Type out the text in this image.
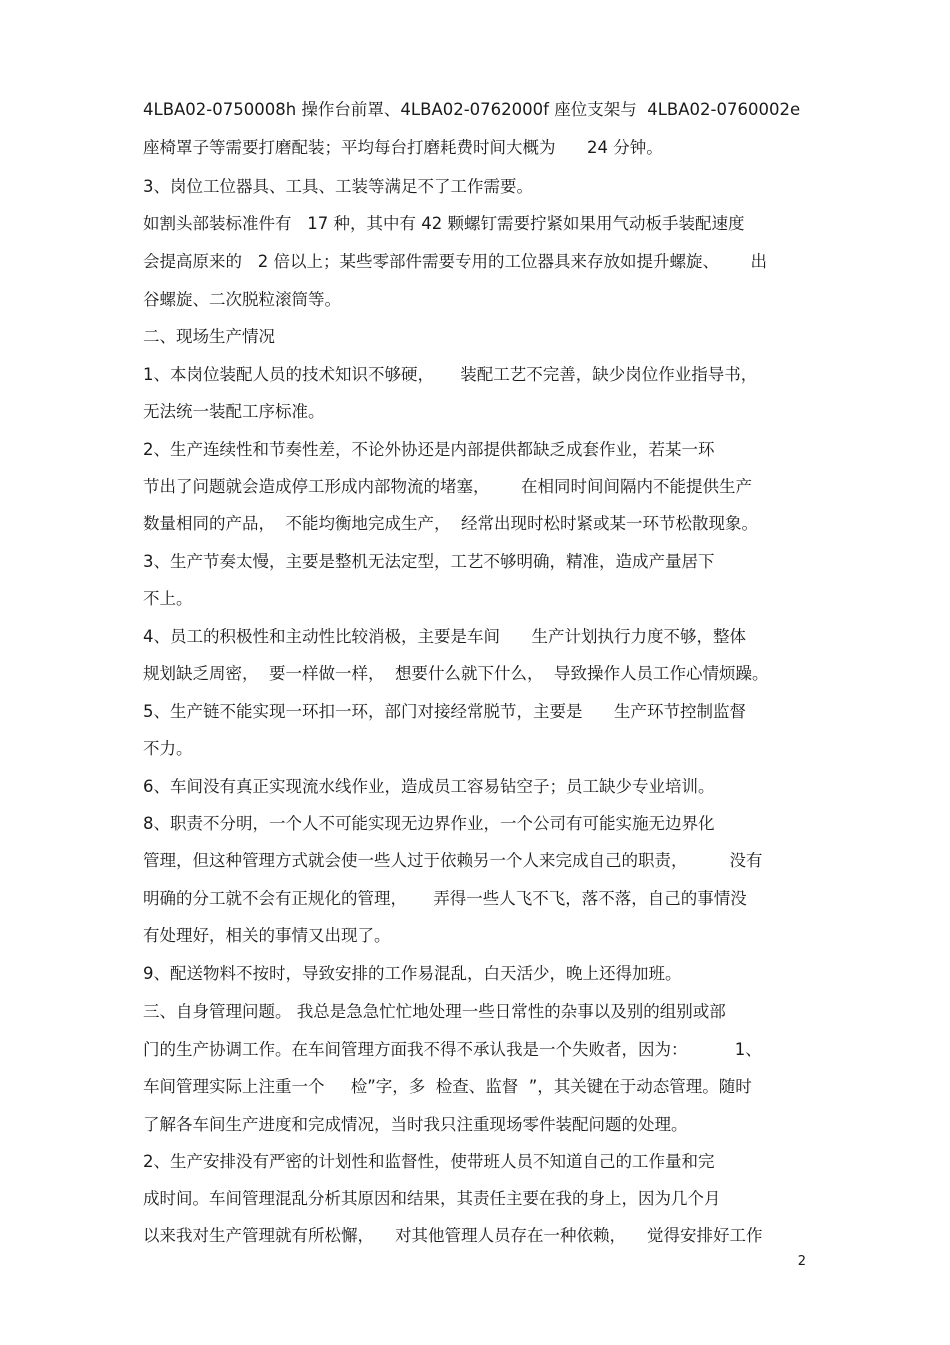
4LBA02-0750008h 操作台前罩、4LBA02-0762000f 座位支架与  4LBA02-0760002e

座椅罩子等需要打磨配装；平均每台打磨耗费时间大概为      24 分钟。

3、岗位工位器具、工具、工装等满足不了工作需要。

如割头部装标准件有   17 种，其中有 42 颗螺钉需要拧紧如果用气动板手装配速度

会提高原来的   2 倍以上；某些零部件需要专用的工位器具来存放如提升螺旋、      出

谷螺旋、二次脱粒滚筒等。

二、现场生产情况

1、本岗位装配人员的技术知识不够硬，     装配工艺不完善，缺少岗位作业指导书，

无法统一装配工序标准。

2、生产连续性和节奏性差，不论外协还是内部提供都缺乏成套作业，若某一环

节出了问题就会造成停工形成内部物流的堵塞，      在相同时间间隔内不能提供生产

数量相同的产品，  不能均衡地完成生产，  经常出现时松时紧或某一环节松散现象。

3、生产节奏太慢，主要是整机无法定型，工艺不够明确，精准，造成产量居下

不上。

4、员工的积极性和主动性比较消极，主要是车间      生产计划执行力度不够，整体

规划缺乏周密，  要一样做一样，  想要什么就下什么，  导致操作人员工作心情烦躁。

5、生产链不能实现一环扣一环，部门对接经常脱节，主要是      生产环节控制监督

不力。

6、车间没有真正实现流水线作业，造成员工容易钻空子；员工缺少专业培训。

8、职责不分明，一个人不可能实现无边界作业，一个公司有可能实施无边界化

管理，但这种管理方式就会使一些人过于依赖另一个人来完成自己的职责，        没有

明确的分工就不会有正规化的管理，     弄得一些人飞不飞，落不落，自己的事情没

有处理好，相关的事情又出现了。

9、配送物料不按时，导致安排的工作易混乱，白天活少，晚上还得加班。

三、自身管理问题。 我总是急急忙忙地处理一些日常性的杂事以及别的组别或部

门的生产协调工作。在车间管理方面我不得不承认我是一个失败者，因为：         1、

车间管理实际上注重一个     检”字，多  检查、监督  ”，其关键在于动态管理。随时

了解各车间生产进度和完成情况，当时我只注重现场零件装配问题的处理。

2、生产安排没有严密的计划性和监督性，使带班人员不知道自己的工作量和完

成时间。车间管理混乱分析其原因和结果，其责任主要在我的身上，因为几个月

以来我对生产管理就有所松懈，    对其他管理人员存在一种依赖，    觉得安排好工作

2
